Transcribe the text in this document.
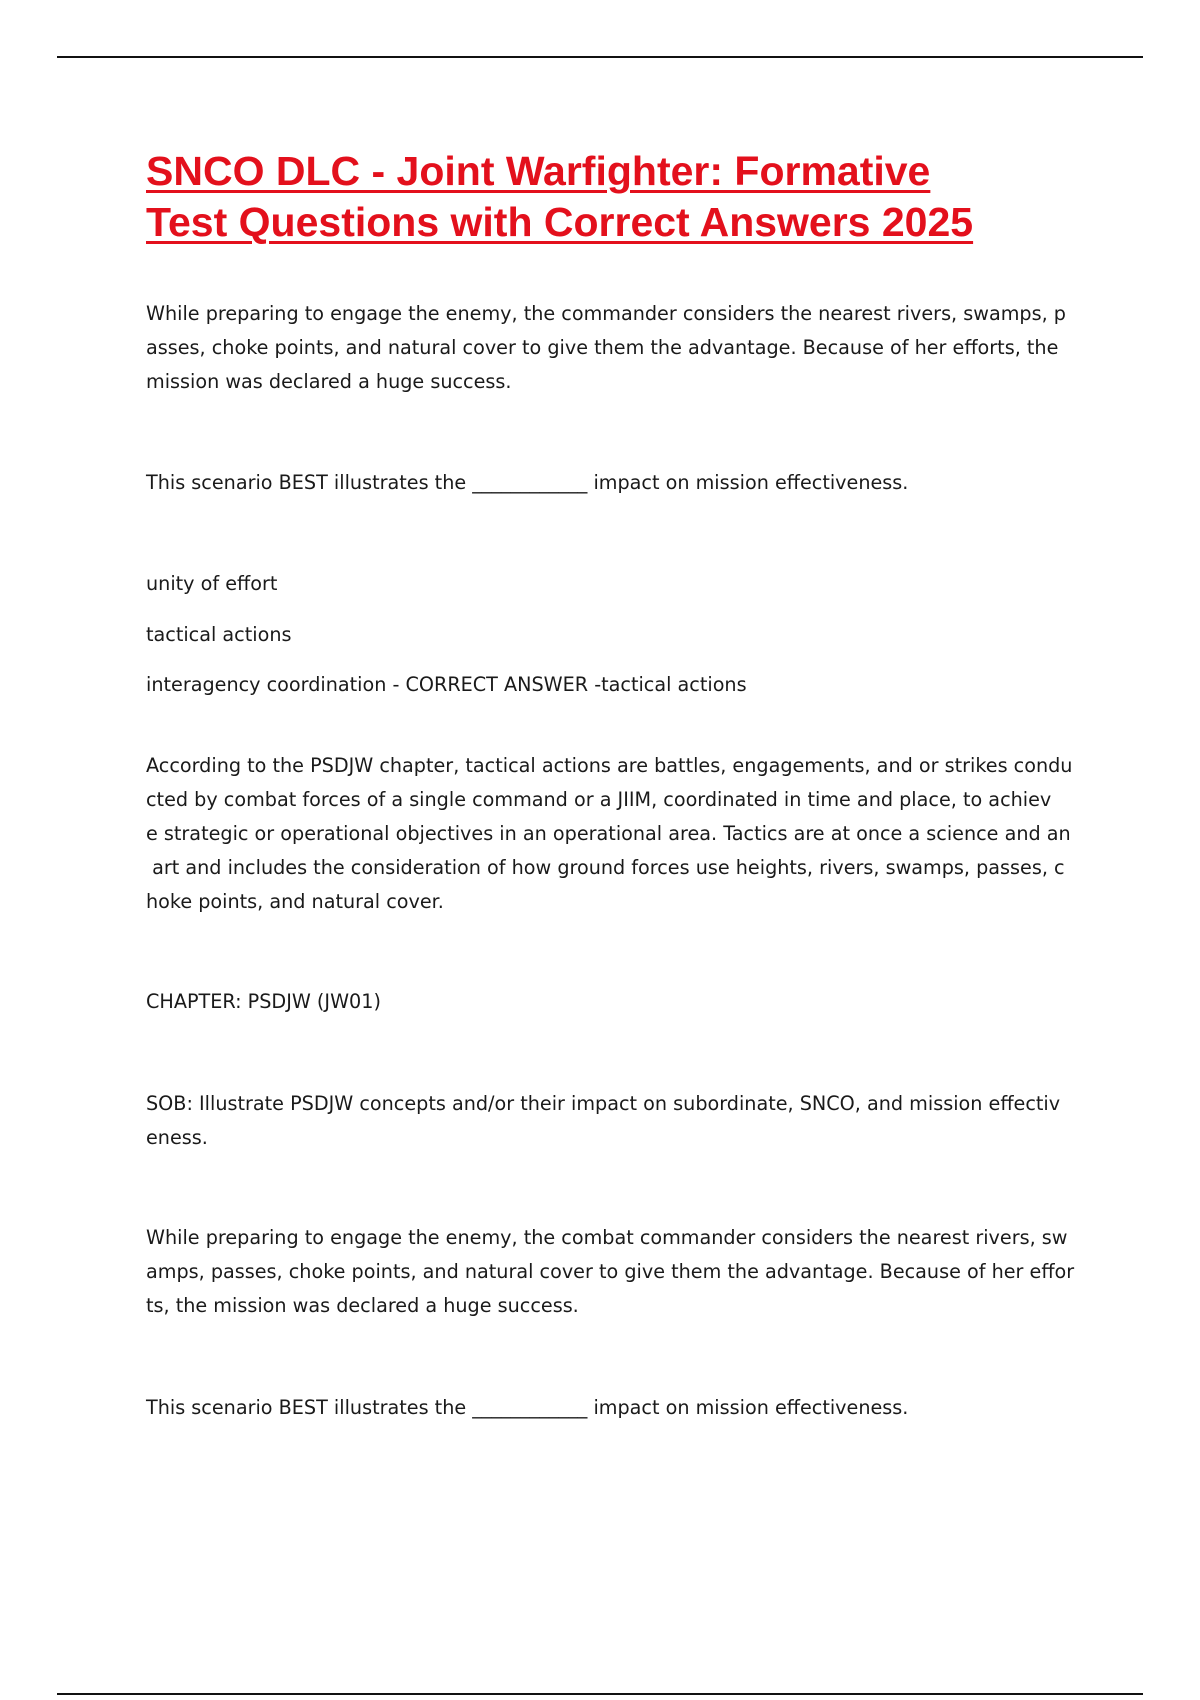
SNCO DLC - Joint Warfighter: Formative
Test Questions with Correct Answers 2025

While preparing to engage the enemy, the commander considers the nearest rivers, swamps, p
asses, choke points, and natural cover to give them the advantage. Because of her efforts, the
mission was declared a huge success.

This scenario BEST illustrates the ____________ impact on mission effectiveness.

unity of effort

tactical actions

interagency coordination - CORRECT ANSWER -tactical actions

According to the PSDJW chapter, tactical actions are battles, engagements, and or strikes condu
cted by combat forces of a single command or a JIIM, coordinated in time and place, to achiev
e strategic or operational objectives in an operational area. Tactics are at once a science and an
art and includes the consideration of how ground forces use heights, rivers, swamps, passes, c
hoke points, and natural cover.

CHAPTER: PSDJW (JW01)

SOB: Illustrate PSDJW concepts and/or their impact on subordinate, SNCO, and mission effectiv
eness.

While preparing to engage the enemy, the combat commander considers the nearest rivers, sw
amps, passes, choke points, and natural cover to give them the advantage. Because of her effor
ts, the mission was declared a huge success.

This scenario BEST illustrates the ____________ impact on mission effectiveness.
